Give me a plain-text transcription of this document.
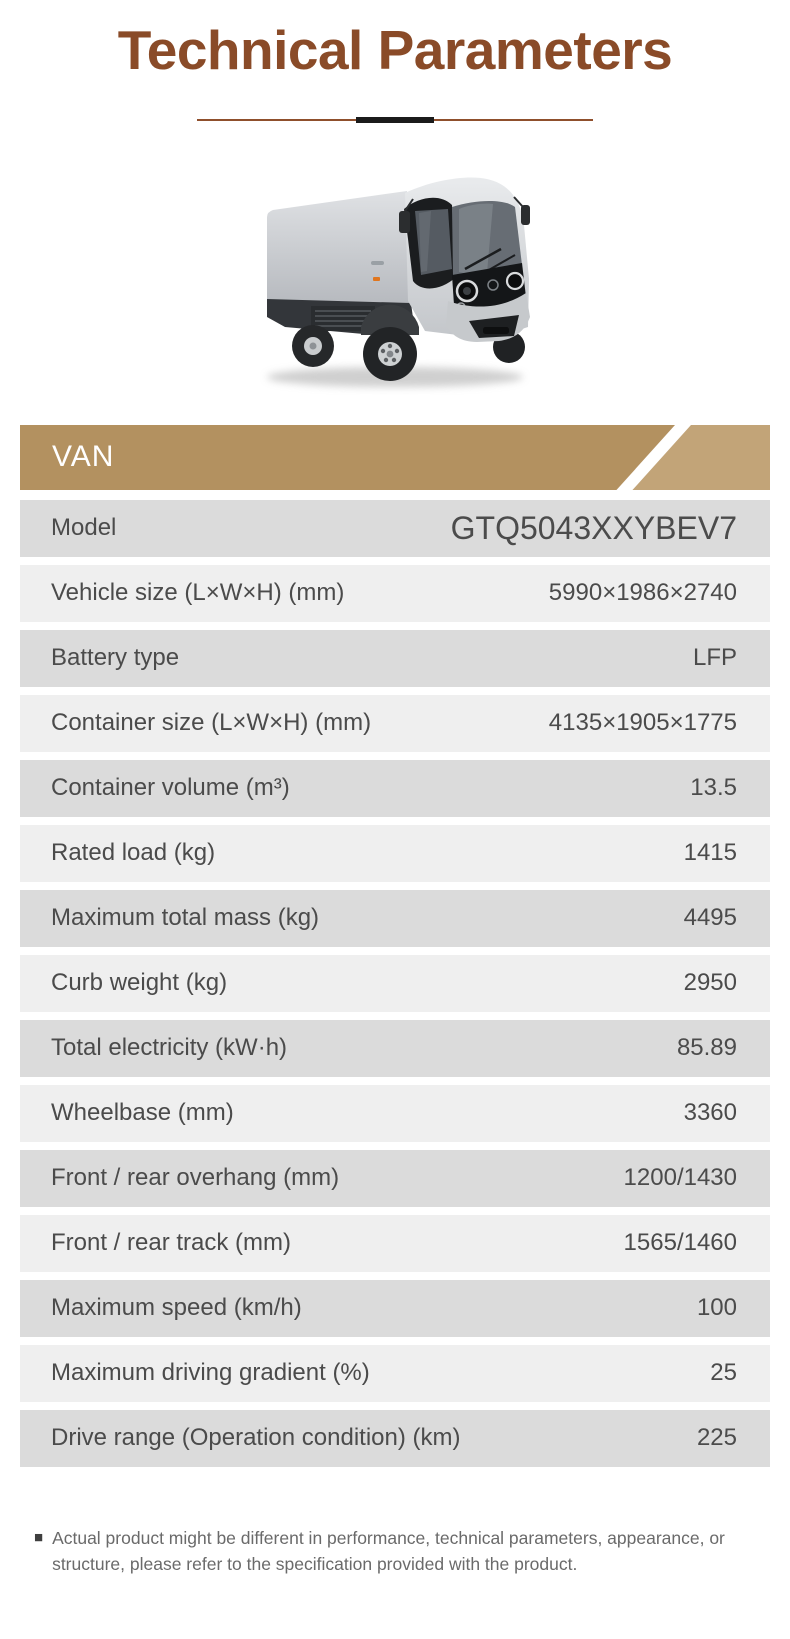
Technical Parameters
VAN
Model	GTQ5043XXYBEV7
Vehicle size (L×W×H) (mm)	5990×1986×2740
Battery type	LFP
Container size (L×W×H) (mm)	4135×1905×1775
Container volume (m³)	13.5
Rated load (kg)	1415
Maximum total mass (kg)	4495
Curb weight (kg)	2950
Total electricity (kW·h)	85.89
Wheelbase (mm)	3360
Front / rear overhang (mm)	1200/1430
Front / rear track (mm)	1565/1460
Maximum speed (km/h)	100
Maximum driving gradient (%)	25
Drive range (Operation condition) (km)	225
■ Actual product might be different in performance, technical parameters, appearance, or structure, please refer to the specification provided with the product.
